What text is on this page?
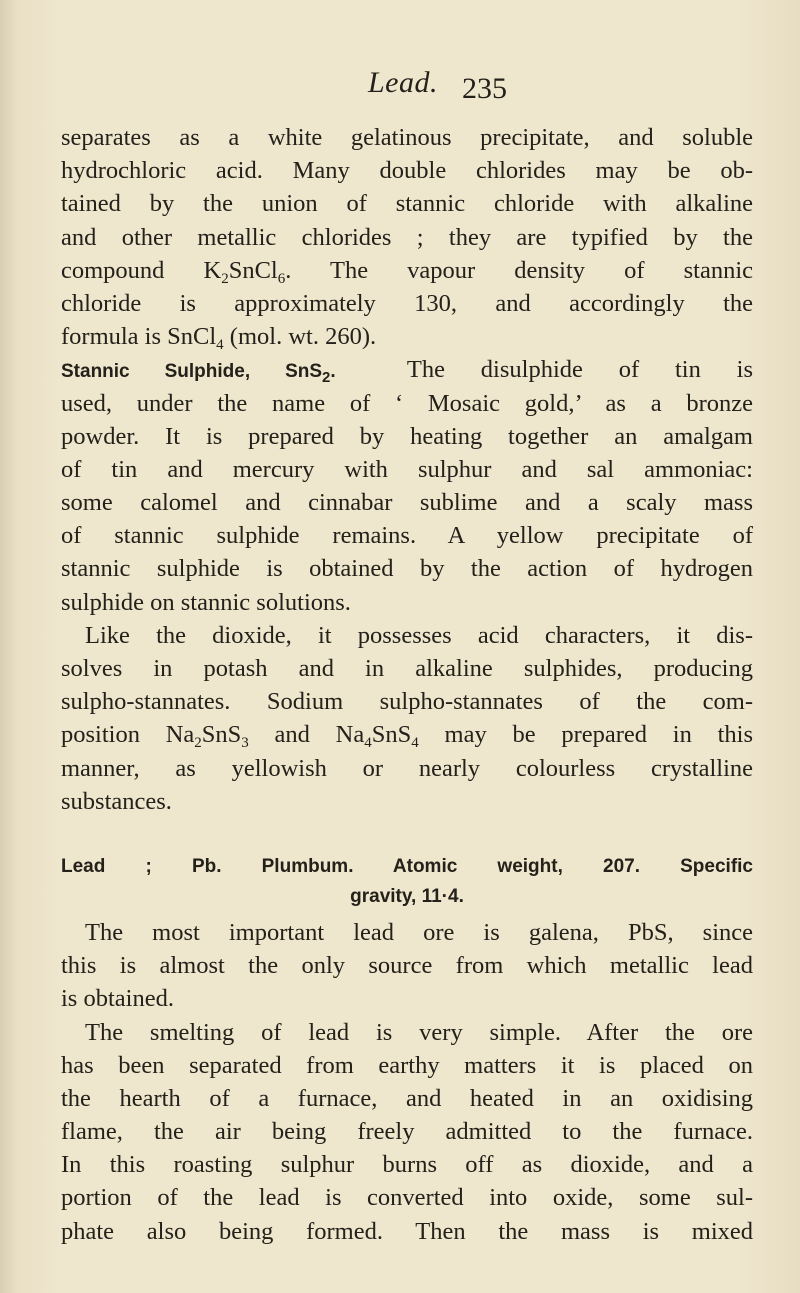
Lead. 235
separates as a white gelatinous precipitate, and soluble
hydrochloric acid. Many double chlorides may be ob-
tained by the union of stannic chloride with alkaline
and other metallic chlorides ; they are typified by the
compound $K_2SnCl_6$. The vapour density of stannic
chloride is approximately 130, and accordingly the
formula is SnCl$_4$ (mol. wt. 260).
Stannic Sulphide, SnS$_2$.	The disulphide of tin is
used, under the name of ‘ Mosaic gold,’ as a bronze
powder. It is prepared by heating together an amalgam
of tin and mercury with sulphur and sal ammoniac:
some calomel and cinnabar sublime and a scaly mass
of stannic sulphide remains. A yellow precipitate of
stannic sulphide is obtained by the action of hydrogen
sulphide on stannic solutions.
Like the dioxide, it possesses acid characters, it dis-
solves in potash and in alkaline sulphides, producing
sulpho-stannates. Sodium sulpho-stannates of the com-
position $Na_2SnS_3$ and $Na_4SnS_4$ may be prepared in this
manner, as yellowish or nearly colourless crystalline
substances.
Lead ; Pb. Plumbum. Atomic weight, 207. Specific
gravity, 11·4.
The most important lead ore is galena, PbS, since
this is almost the only source from which metallic lead
is obtained.
The smelting of lead is very simple. After the ore
has been separated from earthy matters it is placed on
the hearth of a furnace, and heated in an oxidising
flame, the air being freely admitted to the furnace.
In this roasting sulphur burns off as dioxide, and a
portion of the lead is converted into oxide, some sul-
phate also being formed. Then the mass is mixed
